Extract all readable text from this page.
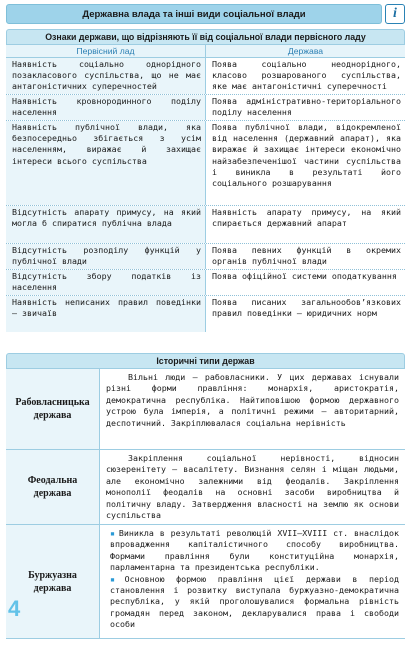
Державна влада та інші види соціальної влади	i
Ознаки держави, що відрізняють її від соціальної влади первісного ладу
Первісний лад	Держава
Наявність соціально однорідного позакласового суспільства, що не має антагоністичних суперечностей
Поява соціально неоднорідного, класово розшарованого суспільства, яке має антагоністичні суперечності
Наявність кровнородинного поділу населення
Поява адміністративно-територіального поділу населення
Наявність публічної влади, яка безпосередньо збігається з усім населенням, виражає й захищає інтереси всього суспільства
Поява публічної влади, відокремленої від населення (державний апарат), яка виражає й захищає інтереси економічно найзабезпеченішої частини суспільства і виникла в результаті його соціального розшарування
Відсутність апарату примусу, на який могла б спиратися публічна влада
Наявність апарату примусу, на який спирається державний апарат
Відсутність розподілу функцій у публічної влади
Поява певних функцій в окремих органів публічної влади
Відсутність збору податків із населення
Поява офіційної системи оподаткування
Наявність неписаних правил поведінки — звичаїв
Поява писаних загальнообов’язкових правил поведінки — юридичних норм
Історичні типи держав
Рабовласницька держава

Вільні люди — рабовласники. У цих державах існували різні форми правління: монархія, аристократія, демократична республіка. Найтиповішою формою державного устрою була імперія, а політичні режими — авторитарний, деспотичний. Закріплювалася соціальна нерівність

Феодальна держава

Закріплення соціальної нерівності, відносин сюзеренітету — васалітету. Визнання селян і міщан людьми, але економічно залежними від феодалів. Закріплення монополії феодалів на основні засоби виробництва й політичну владу. Затвердження власності на землю як основи суспільства

Буржуазна держава

▪ Виникла в результаті революцій XVII—XVIII ст. внаслідок впровадження капіталістичного способу виробництва. Формами правління були конституційна монархія, парламентарна та президентська республіки.

▪ Основною формою правління цієї держави в період становлення і розвитку виступала буржуазно-демократична республіка, у якій проголошувалися формальна рівність громадян перед законом, декларувалися права і свободи особи

4
